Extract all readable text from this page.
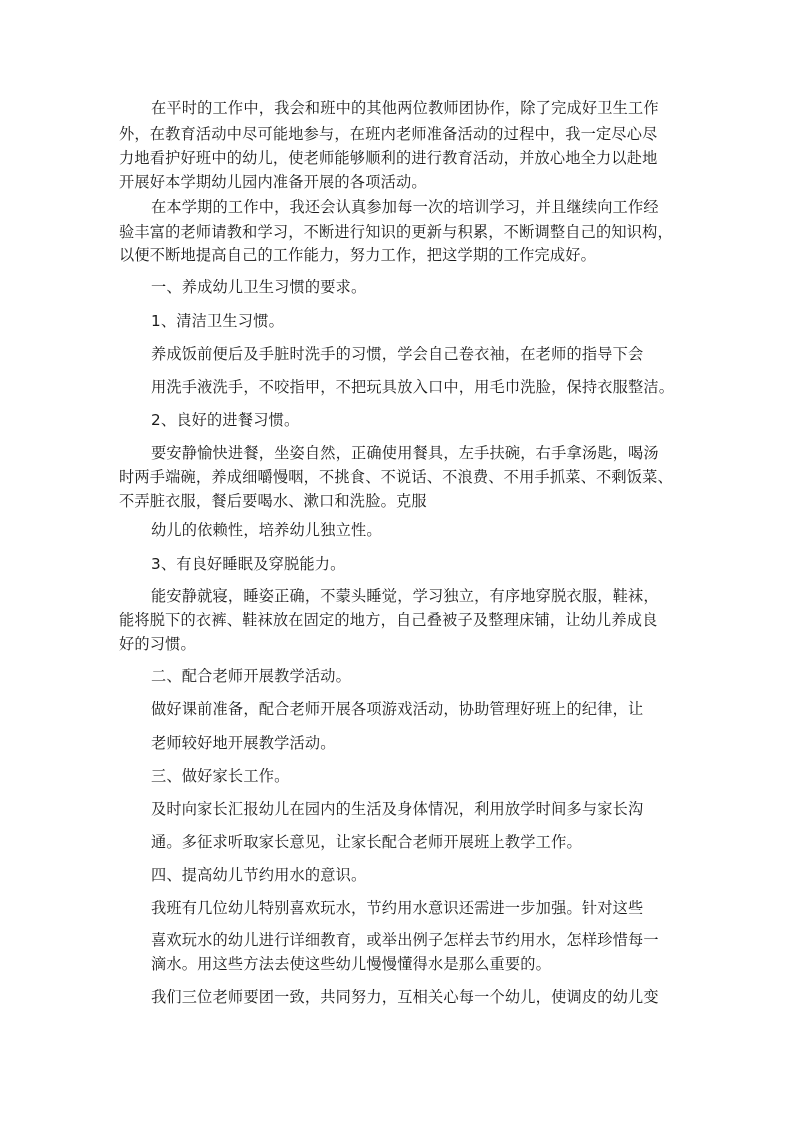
在平时的工作中，我会和班中的其他两位教师团协作，除了完成好卫生工作
外，在教育活动中尽可能地参与，在班内老师准备活动的过程中，我一定尽心尽
力地看护好班中的幼儿，使老师能够顺利的进行教育活动，并放心地全力以赴地
开展好本学期幼儿园内准备开展的各项活动。
在本学期的工作中，我还会认真参加每一次的培训学习，并且继续向工作经
验丰富的老师请教和学习，不断进行知识的更新与积累，不断调整自己的知识构，
以便不断地提高自己的工作能力，努力工作，把这学期的工作完成好。
一、养成幼儿卫生习惯的要求。
1、清洁卫生习惯。
养成饭前便后及手脏时洗手的习惯，学会自己卷衣袖，在老师的指导下会
用洗手液洗手，不咬指甲，不把玩具放入口中，用毛巾洗脸，保持衣服整洁。
2、良好的进餐习惯。
要安静愉快进餐，坐姿自然，正确使用餐具，左手扶碗，右手拿汤匙，喝汤
时两手端碗，养成细嚼慢咽，不挑食、不说话、不浪费、不用手抓菜、不剩饭菜、
不弄脏衣服，餐后要喝水、漱口和洗脸。克服
幼儿的依赖性，培养幼儿独立性。
3、有良好睡眠及穿脱能力。
能安静就寝，睡姿正确，不蒙头睡觉，学习独立，有序地穿脱衣服，鞋袜，
能将脱下的衣裤、鞋袜放在固定的地方，自己叠被子及整理床铺，让幼儿养成良
好的习惯。
二、配合老师开展教学活动。
做好课前准备，配合老师开展各项游戏活动，协助管理好班上的纪律，让
老师较好地开展教学活动。
三、做好家长工作。
及时向家长汇报幼儿在园内的生活及身体情况，利用放学时间多与家长沟
通。多征求听取家长意见，让家长配合老师开展班上教学工作。
四、提高幼儿节约用水的意识。
我班有几位幼儿特别喜欢玩水，节约用水意识还需进一步加强。针对这些
喜欢玩水的幼儿进行详细教育，或举出例子怎样去节约用水，怎样珍惜每一
滴水。用这些方法去使这些幼儿慢慢懂得水是那么重要的。
我们三位老师要团一致，共同努力，互相关心每一个幼儿，使调皮的幼儿变
